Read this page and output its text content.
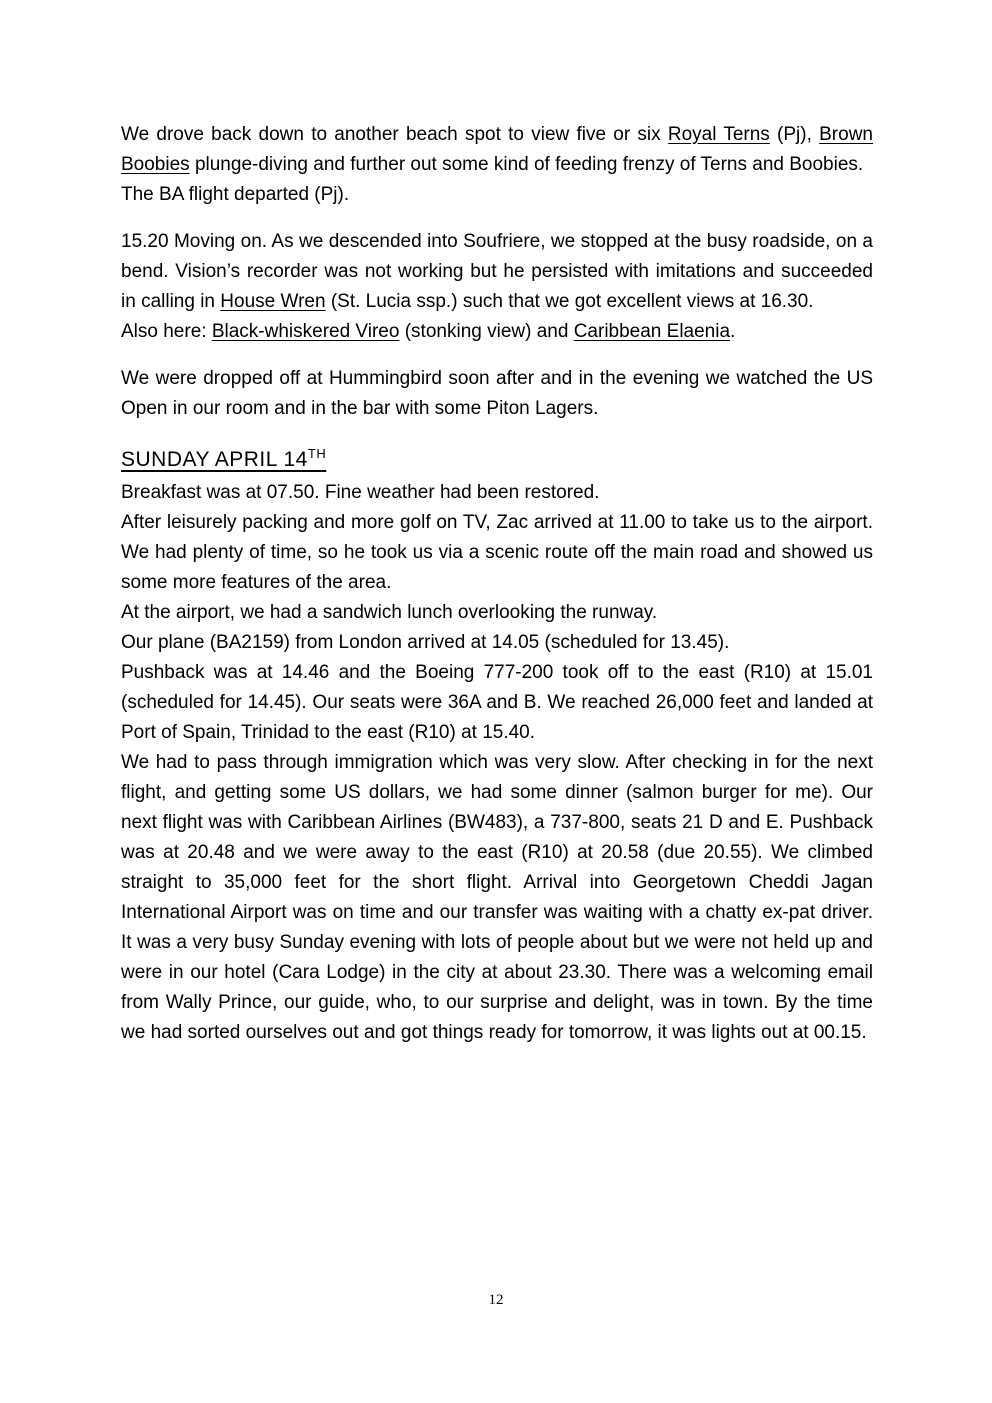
We drove back down to another beach spot to view five or six Royal Terns (Pj), Brown Boobies plunge-diving and further out some kind of feeding frenzy of Terns and Boobies.

The BA flight departed (Pj).

15.20 Moving on. As we descended into Soufriere, we stopped at the busy roadside, on a bend. Vision’s recorder was not working but he persisted with imitations and succeeded in calling in House Wren (St. Lucia ssp.) such that we got excellent views at 16.30.

Also here: Black-whiskered Vireo (stonking view) and Caribbean Elaenia.

We were dropped off at Hummingbird soon after and in the evening we watched the US Open in our room and in the bar with some Piton Lagers.

SUNDAY APRIL 14TH

Breakfast was at 07.50. Fine weather had been restored.

After leisurely packing and more golf on TV, Zac arrived at 11.00 to take us to the airport. We had plenty of time, so he took us via a scenic route off the main road and showed us some more features of the area.

At the airport, we had a sandwich lunch overlooking the runway.

Our plane (BA2159) from London arrived at 14.05 (scheduled for 13.45).

Pushback was at 14.46 and the Boeing 777-200 took off to the east (R10) at 15.01 (scheduled for 14.45). Our seats were 36A and B. We reached 26,000 feet and landed at Port of Spain, Trinidad to the east (R10) at 15.40.

We had to pass through immigration which was very slow. After checking in for the next flight, and getting some US dollars, we had some dinner (salmon burger for me). Our next flight was with Caribbean Airlines (BW483), a 737-800, seats 21 D and E. Pushback was at 20.48 and we were away to the east (R10) at 20.58 (due 20.55). We climbed straight to 35,000 feet for the short flight. Arrival into Georgetown Cheddi Jagan International Airport was on time and our transfer was waiting with a chatty ex-pat driver. It was a very busy Sunday evening with lots of people about but we were not held up and were in our hotel (Cara Lodge) in the city at about 23.30. There was a welcoming email from Wally Prince, our guide, who, to our surprise and delight, was in town. By the time we had sorted ourselves out and got things ready for tomorrow, it was lights out at 00.15.

12
